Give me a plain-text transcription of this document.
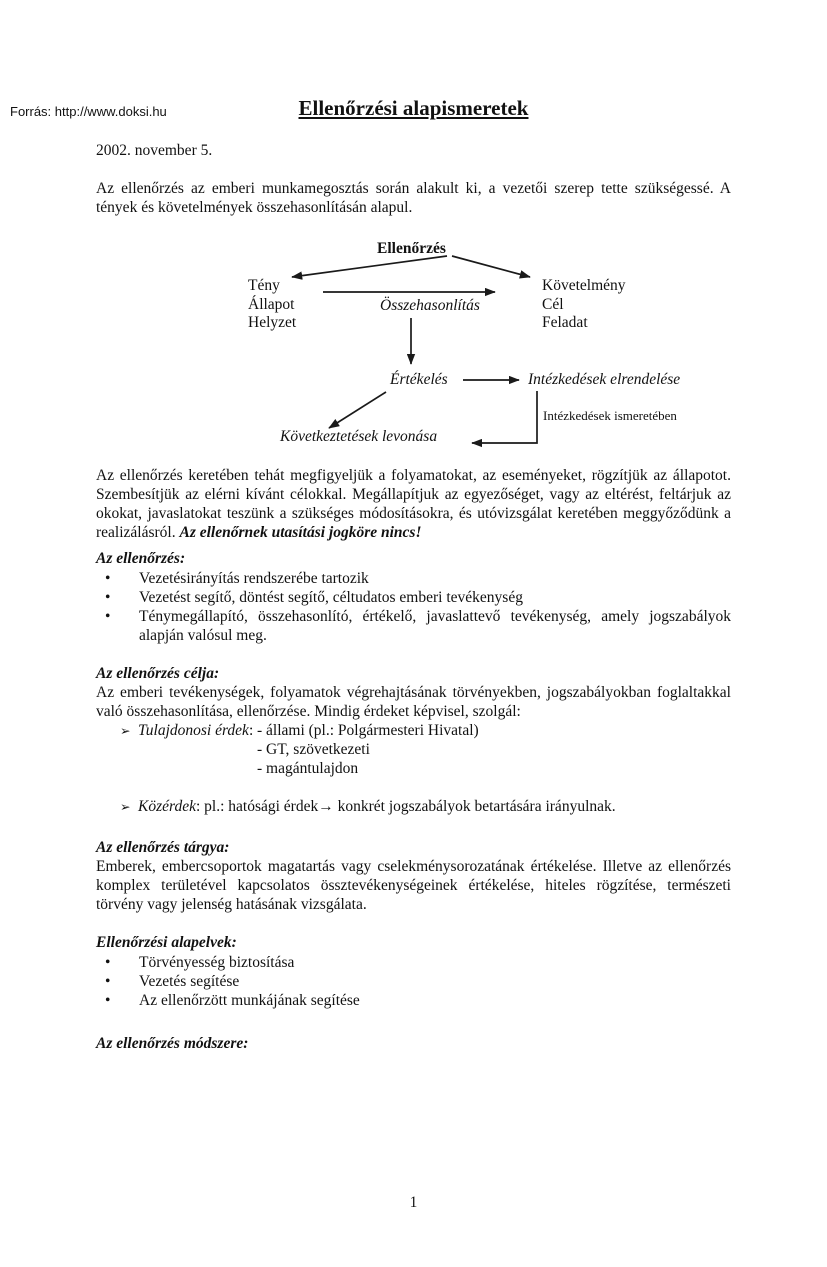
Forrás: http://www.doksi.hu	Ellenőrzési alapismeretek

2002. november 5.

Az ellenőrzés az emberi munkamegosztás során alakult ki, a vezetői szerep tette szükségessé. A tények és követelmények összehasonlításán alapul.

Ellenőrzés
Tény
Állapot
Helyzet
Követelmény
Cél
Feladat
Összehasonlítás
Értékelés	Intézkedések elrendelése
Intézkedések ismeretében
Következtetések levonása

Az ellenőrzés keretében tehát megfigyeljük a folyamatokat, az eseményeket, rögzítjük az állapotot. Szembesítjük az elérni kívánt célokkal. Megállapítjuk az egyezőséget, vagy az eltérést, feltárjuk az okokat, javaslatokat teszünk a szükséges módosításokra, és utóvizsgálat keretében meggyőződünk a realizálásról. Az ellenőrnek utasítási jogköre nincs!

Az ellenőrzés:
•	Vezetésirányítás rendszerébe tartozik
•	Vezetést segítő, döntést segítő, céltudatos emberi tevékenység
•	Ténymegállapító, összehasonlító, értékelő, javaslattevő tevékenység, amely jogszabályok alapján valósul meg.
Az ellenőrzés célja:

Az emberi tevékenységek, folyamatok végrehajtásának törvényekben, jogszabályokban foglaltakkal való összehasonlítása, ellenőrzése. Mindig érdeket képvisel, szolgál:

➢ Tulajdonosi érdek: - állami (pl.: Polgármesteri Hivatal)
- GT, szövetkezeti
- magántulajdon
➢ Közérdek: pl.: hatósági érdek→ konkrét jogszabályok betartására irányulnak.
Az ellenőrzés tárgya:

Emberek, embercsoportok magatartás vagy cselekménysorozatának értékelése. Illetve az ellenőrzés komplex területével kapcsolatos össztevékenységeinek értékelése, hiteles rögzítése, természeti törvény vagy jelenség hatásának vizsgálata.

Ellenőrzési alapelvek:
•	Törvényesség biztosítása
•	Vezetés segítése
•	Az ellenőrzött munkájának segítése
Az ellenőrzés módszere:
1
